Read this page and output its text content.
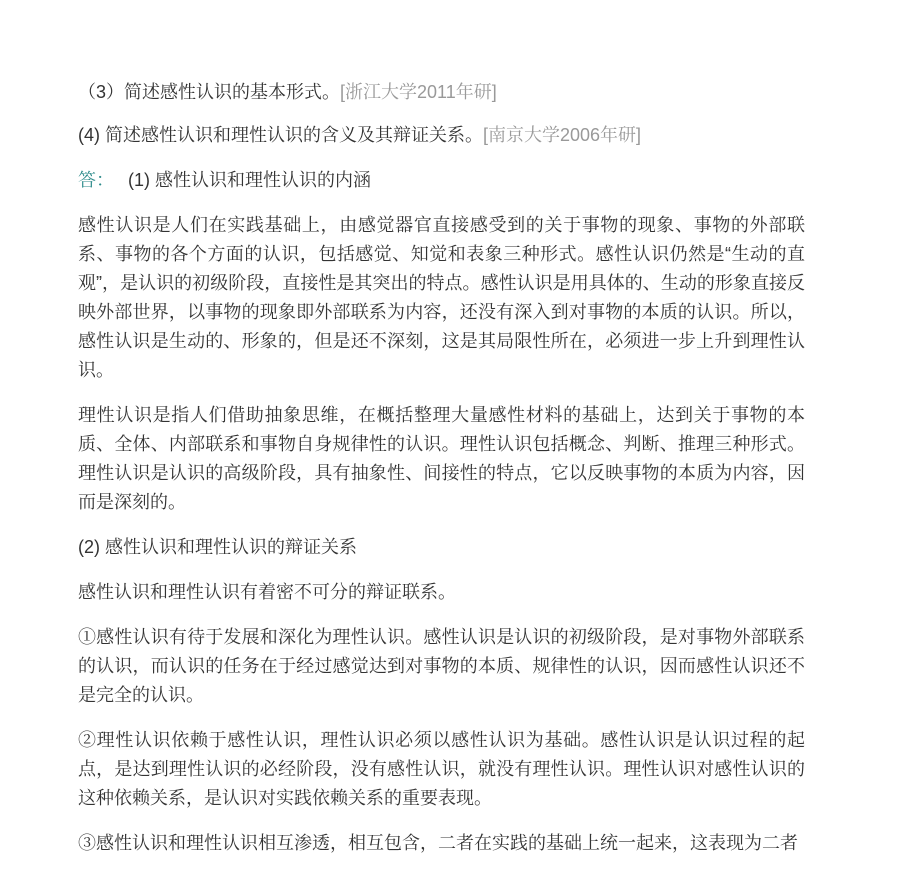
（3）简述感性认识的基本形式。[浙江大学2011年研]

(4) 简述感性认识和理性认识的含义及其辩证关系。[南京大学2006年研]

答： (1) 感性认识和理性认识的内涵

感性认识是人们在实践基础上，由感觉器官直接感受到的关于事物的现象、事物的外部联系、事物的各个方面的认识，包括感觉、知觉和表象三种形式。感性认识仍然是“生动的直观”，是认识的初级阶段，直接性是其突出的特点。感性认识是用具体的、生动的形象直接反映外部世界，以事物的现象即外部联系为内容，还没有深入到对事物的本质的认识。所以，感性认识是生动的、形象的，但是还不深刻，这是其局限性所在，必须进一步上升到理性认识。

理性认识是指人们借助抽象思维，在概括整理大量感性材料的基础上，达到关于事物的本质、全体、内部联系和事物自身规律性的认识。理性认识包括概念、判断、推理三种形式。理性认识是认识的高级阶段，具有抽象性、间接性的特点，它以反映事物的本质为内容，因而是深刻的。

(2) 感性认识和理性认识的辩证关系

感性认识和理性认识有着密不可分的辩证联系。

①感性认识有待于发展和深化为理性认识。感性认识是认识的初级阶段，是对事物外部联系的认识，而认识的任务在于经过感觉达到对事物的本质、规律性的认识，因而感性认识还不是完全的认识。

②理性认识依赖于感性认识，理性认识必须以感性认识为基础。感性认识是认识过程的起点，是达到理性认识的必经阶段，没有感性认识，就没有理性认识。理性认识对感性认识的这种依赖关系，是认识对实践依赖关系的重要表现。

③感性认识和理性认识相互渗透，相互包含，二者在实践的基础上统一起来，这表现为二者
